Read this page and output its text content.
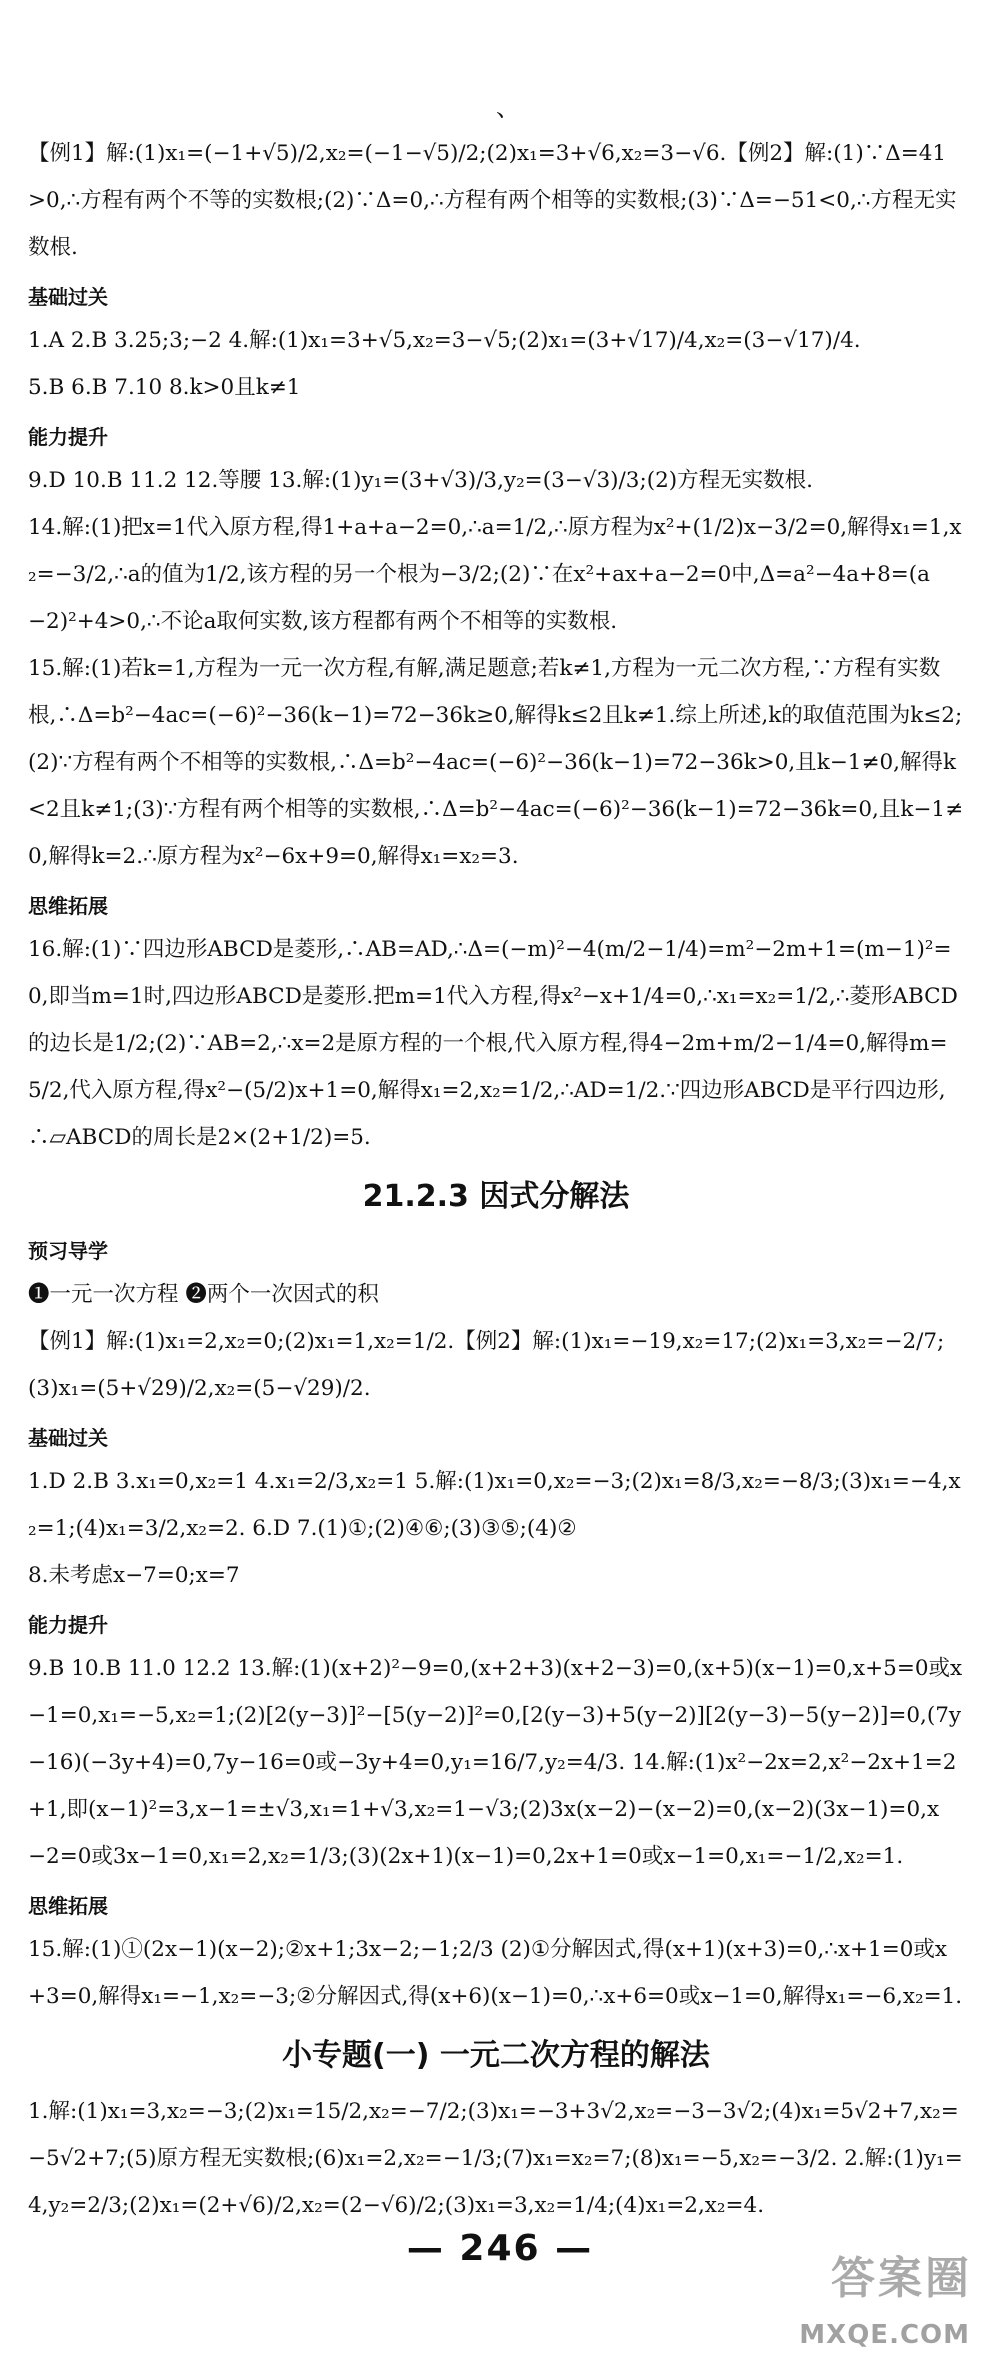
、
【例1】解:(1)x₁=(−1+√5)/2,x₂=(−1−√5)/2;(2)x₁=3+√6,x₂=3−√6.【例2】解:(1)∵Δ=41>0,∴方程有两个不等的实数根;(2)∵Δ=0,∴方程有两个相等的实数根;(3)∵Δ=−51<0,∴方程无实数根.
基础过关
1.A 2.B 3.25;3;−2 4.解:(1)x₁=3+√5,x₂=3−√5;(2)x₁=(3+√17)/4,x₂=(3−√17)/4.
5.B 6.B 7.10 8.k>0且k≠1
能力提升
9.D 10.B 11.2 12.等腰 13.解:(1)y₁=(3+√3)/3,y₂=(3−√3)/3;(2)方程无实数根.
14.解:(1)把x=1代入原方程,得1+a+a−2=0,∴a=1/2,∴原方程为x²+(1/2)x−3/2=0,解得x₁=1,x₂=−3/2,∴a的值为1/2,该方程的另一个根为−3/2;(2)∵在x²+ax+a−2=0中,Δ=a²−4a+8=(a−2)²+4>0,∴不论a取何实数,该方程都有两个不相等的实数根.
15.解:(1)若k=1,方程为一元一次方程,有解,满足题意;若k≠1,方程为一元二次方程,∵方程有实数根,∴Δ=b²−4ac=(−6)²−36(k−1)=72−36k≥0,解得k≤2且k≠1.综上所述,k的取值范围为k≤2;(2)∵方程有两个不相等的实数根,∴Δ=b²−4ac=(−6)²−36(k−1)=72−36k>0,且k−1≠0,解得k<2且k≠1;(3)∵方程有两个相等的实数根,∴Δ=b²−4ac=(−6)²−36(k−1)=72−36k=0,且k−1≠0,解得k=2.∴原方程为x²−6x+9=0,解得x₁=x₂=3.
思维拓展
16.解:(1)∵四边形ABCD是菱形,∴AB=AD,∴Δ=(−m)²−4(m/2−1/4)=m²−2m+1=(m−1)²=0,即当m=1时,四边形ABCD是菱形.把m=1代入方程,得x²−x+1/4=0,∴x₁=x₂=1/2,∴菱形ABCD的边长是1/2;(2)∵AB=2,∴x=2是原方程的一个根,代入原方程,得4−2m+m/2−1/4=0,解得m=5/2,代入原方程,得x²−(5/2)x+1=0,解得x₁=2,x₂=1/2,∴AD=1/2.∵四边形ABCD是平行四边形,∴▱ABCD的周长是2×(2+1/2)=5.
21.2.3 因式分解法
预习导学
❶一元一次方程 ❷两个一次因式的积
【例1】解:(1)x₁=2,x₂=0;(2)x₁=1,x₂=1/2.【例2】解:(1)x₁=−19,x₂=17;(2)x₁=3,x₂=−2/7;(3)x₁=(5+√29)/2,x₂=(5−√29)/2.
基础过关
1.D 2.B 3.x₁=0,x₂=1 4.x₁=2/3,x₂=1 5.解:(1)x₁=0,x₂=−3;(2)x₁=8/3,x₂=−8/3;(3)x₁=−4,x₂=1;(4)x₁=3/2,x₂=2. 6.D 7.(1)①;(2)④⑥;(3)③⑤;(4)②
8.未考虑x−7=0;x=7
能力提升
9.B 10.B 11.0 12.2 13.解:(1)(x+2)²−9=0,(x+2+3)(x+2−3)=0,(x+5)(x−1)=0,x+5=0或x−1=0,x₁=−5,x₂=1;(2)[2(y−3)]²−[5(y−2)]²=0,[2(y−3)+5(y−2)][2(y−3)−5(y−2)]=0,(7y−16)(−3y+4)=0,7y−16=0或−3y+4=0,y₁=16/7,y₂=4/3. 14.解:(1)x²−2x=2,x²−2x+1=2+1,即(x−1)²=3,x−1=±√3,x₁=1+√3,x₂=1−√3;(2)3x(x−2)−(x−2)=0,(x−2)(3x−1)=0,x−2=0或3x−1=0,x₁=2,x₂=1/3;(3)(2x+1)(x−1)=0,2x+1=0或x−1=0,x₁=−1/2,x₂=1.
思维拓展
15.解:(1)①(2x−1)(x−2);②x+1;3x−2;−1;2/3 (2)①分解因式,得(x+1)(x+3)=0,∴x+1=0或x+3=0,解得x₁=−1,x₂=−3;②分解因式,得(x+6)(x−1)=0,∴x+6=0或x−1=0,解得x₁=−6,x₂=1.
小专题(一) 一元二次方程的解法
1.解:(1)x₁=3,x₂=−3;(2)x₁=15/2,x₂=−7/2;(3)x₁=−3+3√2,x₂=−3−3√2;(4)x₁=5√2+7,x₂=−5√2+7;(5)原方程无实数根;(6)x₁=2,x₂=−1/3;(7)x₁=x₂=7;(8)x₁=−5,x₂=−3/2. 2.解:(1)y₁=4,y₂=2/3;(2)x₁=(2+√6)/2,x₂=(2−√6)/2;(3)x₁=3,x₂=1/4;(4)x₁=2,x₂=4.
— 246 —
答案圈
MXQE.COM
